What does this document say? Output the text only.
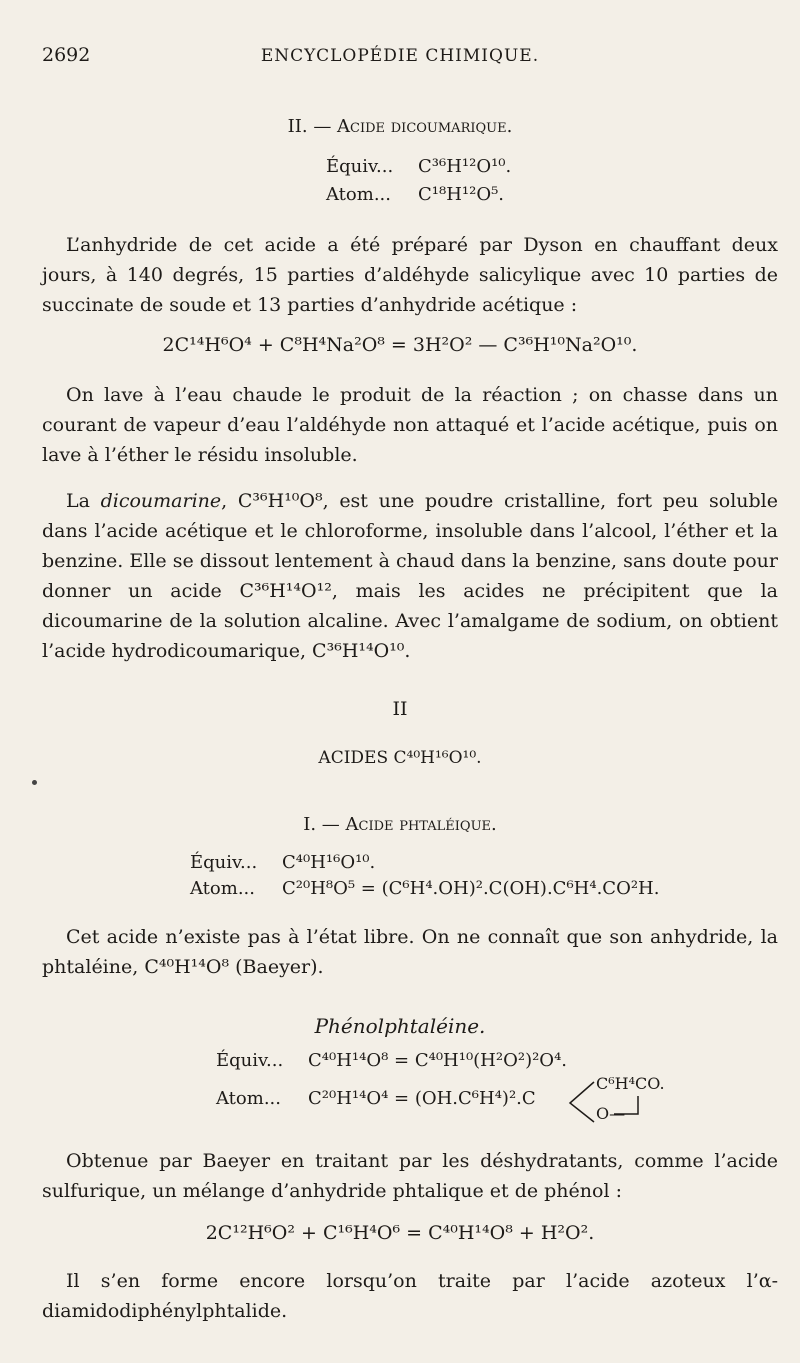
2692	ENCYCLOPÉDIE CHIMIQUE.
II. — Acide dicoumarique.
Équiv... C³⁶H¹²O¹⁰.
Atom... C¹⁸H¹²O⁵.
L’anhydride de cet acide a été préparé par Dyson en chauffant deux jours, à 140 degrés, 15 parties d’aldéhyde salicylique avec 10 parties de succinate de soude et 13 parties d’anhydride acétique :
2C¹⁴H⁶O⁴ + C⁸H⁴Na²O⁸ = 3H²O² — C³⁶H¹⁰Na²O¹⁰.
On lave à l’eau chaude le produit de la réaction ; on chasse dans un courant de vapeur d’eau l’aldéhyde non attaqué et l’acide acétique, puis on lave à l’éther le résidu insoluble.
La dicoumarine, C³⁶H¹⁰O⁸, est une poudre cristalline, fort peu soluble dans l’acide acétique et le chloroforme, insoluble dans l’alcool, l’éther et la benzine. Elle se dissout lentement à chaud dans la benzine, sans doute pour donner un acide C³⁶H¹⁴O¹², mais les acides ne précipitent que la dicoumarine de la solution alcaline. Avec l’amalgame de sodium, on obtient l’acide hydrodicoumarique, C³⁶H¹⁴O¹⁰.
II
ACIDES C⁴⁰H¹⁶O¹⁰.
I. — Acide phtaléique.
Équiv... C⁴⁰H¹⁶O¹⁰.
Atom... C²⁰H⁸O⁵ = (C⁶H⁴.OH)².C(OH).C⁶H⁴.CO²H.
Cet acide n’existe pas à l’état libre. On ne connaît que son anhydride, la phtaléine, C⁴⁰H¹⁴O⁸ (Baeyer).
Phénolphtaléine.
Équiv... C⁴⁰H¹⁴O⁸ = C⁴⁰H¹⁰(H²O²)²O⁴.
Atom... C²⁰H¹⁴O⁴ = (OH.C⁶H⁴)².C
C⁶H⁴CO.
O—
Obtenue par Baeyer en traitant par les déshydratants, comme l’acide sulfurique, un mélange d’anhydride phtalique et de phénol :
2C¹²H⁶O² + C¹⁶H⁴O⁶ = C⁴⁰H¹⁴O⁸ + H²O².
Il s’en forme encore lorsqu’on traite par l’acide azoteux l’α-diamidodiphénylphtalide.
